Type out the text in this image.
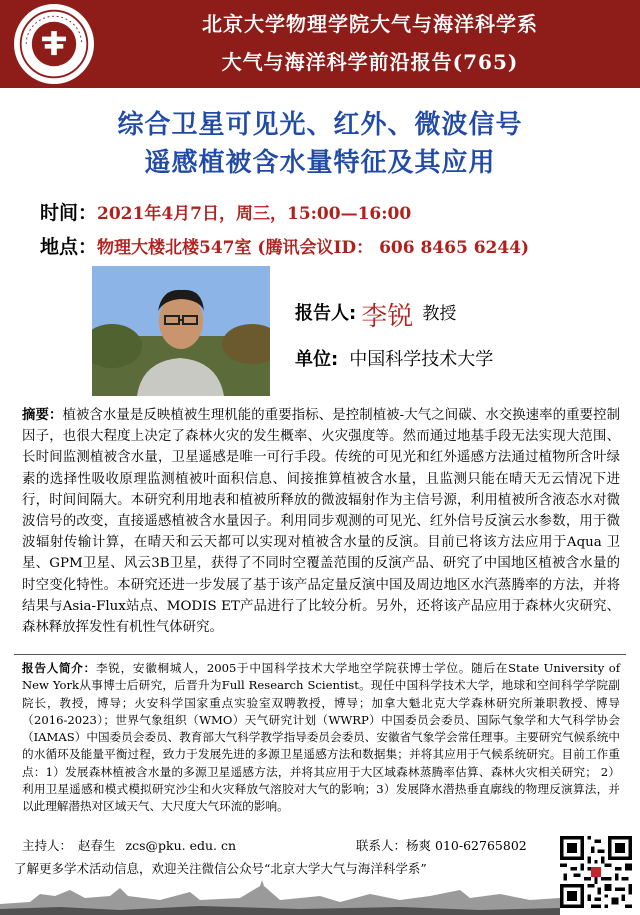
北京大学物理学院大气与海洋科学系
大气与海洋科学前沿报告(765)
综合卫星可见光、红外、微波信号
遥感植被含水量特征及其应用
时间：2021年4月7日，周三，15:00—16:00
地点：物理大楼北楼547室 (腾讯会议ID： 606 8465 6244)
报告人: 李锐 教授
单位: 中国科学技术大学
摘要：植被含水量是反映植被生理机能的重要指标、是控制植被-大气之间碳、水交换速率的重要控制因子，也很大程度上决定了森林火灾的发生概率、火灾强度等。然而通过地基手段无法实现大范围、长时间监测植被含水量，卫星遥感是唯一可行手段。传统的可见光和红外遥感方法通过植物所含叶绿素的选择性吸收原理监测植被叶面积信息、间接推算植被含水量，且监测只能在晴天无云情况下进行，时间间隔大。本研究利用地表和植被所释放的微波辐射作为主信号源，利用植被所含液态水对微波信号的改变，直接遥感植被含水量因子。利用同步观测的可见光、红外信号反演云水参数，用于微波辐射传输计算，在晴天和云天都可以实现对植被含水量的反演。目前已将该方法应用于Aqua 卫星、GPM卫星、风云3B卫星，获得了不同时空覆盖范围的反演产品、研究了中国地区植被含水量的时空变化特性。本研究还进一步发展了基于该产品定量反演中国及周边地区水汽蒸腾率的方法，并将结果与Asia-Flux站点、MODIS ET产品进行了比较分析。另外，还将该产品应用于森林火灾研究、森林释放挥发性有机性气体研究。
报告人简介：李锐，安徽桐城人，2005于中国科学技术大学地空学院获博士学位。随后在State University of New York从事博士后研究，后晋升为Full Research Scientist。现任中国科学技术大学，地球和空间科学学院副院长，教授，博导；火安科学国家重点实验室双聘教授，博导；加拿大魁北克大学森林研究所兼职教授、博导（2016-2023）；世界气象组织（WMO）天气研究计划（WWRP）中国委员会委员、国际气象学和大气科学协会（IAMAS）中国委员会委员、教育部大气科学教学指导委员会委员、安徽省气象学会常任理事。主要研究气候系统中的水循环及能量平衡过程，致力于发展先进的多源卫星遥感方法和数据集；并将其应用于气候系统研究。目前工作重点：1）发展森林植被含水量的多源卫星遥感方法，并将其应用于大区域森林蒸腾率估算、森林火灾相关研究； 2）利用卫星遥感和模式模拟研究沙尘和火灾释放气溶胶对大气的影响；3）发展降水潜热垂直廓线的物理反演算法，并以此理解潜热对区域天气、大尺度大气环流的影响。
主持人： 赵春生 zcs@pku. edu. cn	联系人：杨爽 010-62765802
了解更多学术活动信息，欢迎关注微信公众号“北京大学大气与海洋科学系”
